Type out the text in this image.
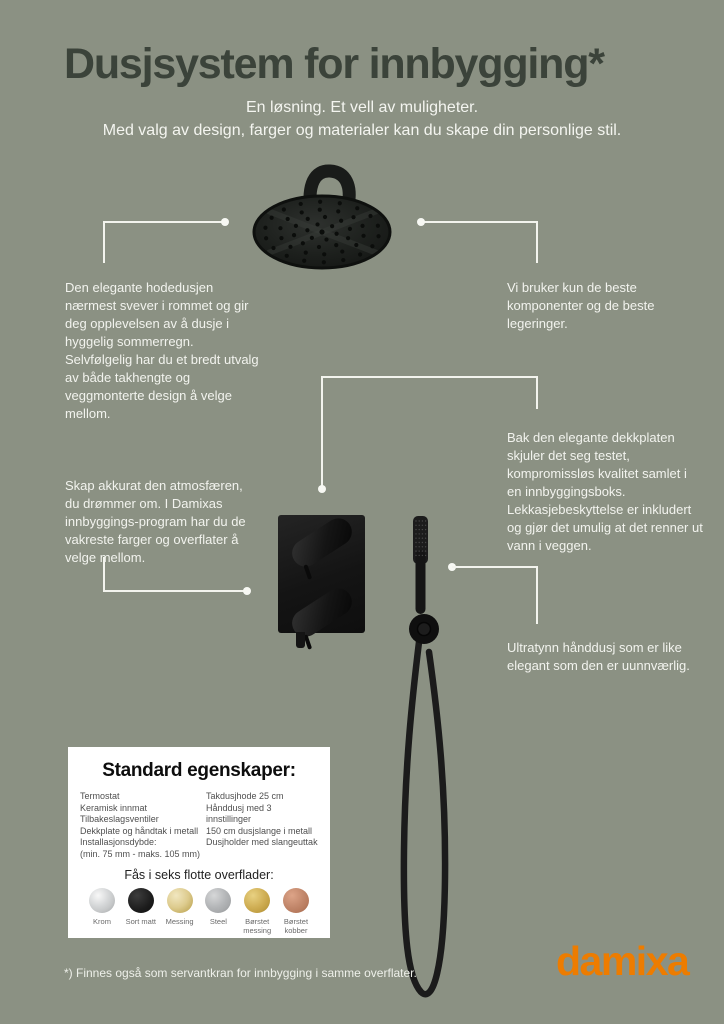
Dusjsystem for innbygging*
En løsning. Et vell av muligheter.
Med valg av design, farger og materialer kan du skape din personlige stil.
Den elegante hodedusjen nærmest svever i rommet og gir deg opplevelsen av å dusje i hyggelig sommerregn. Selvfølgelig har du et bredt utvalg av både takhengte og veggmonterte design å velge mellom.
Vi bruker kun de beste komponenter og de beste legeringer.
Bak den elegante dekkplaten skjuler det seg testet, kompromissløs kvalitet samlet i en innbyggingsboks. Lekkasjebeskyttelse er inkludert og gjør det umulig at det renner ut vann i veggen.
Skap akkurat den atmosfæren, du drømmer om. I Damixas innbyggings-program har du de vakreste farger og overflater å velge mellom.
Ultratynn hånddusj som er like elegant som den er uunnværlig.
Standard egenskaper:
Termostat
Keramisk innmat
Tilbakeslagsventiler
Dekkplate og håndtak i metall
Installasjonsdybde:
(min. 75 mm - maks. 105 mm)
Takdusjhode 25 cm
Hånddusj med 3 innstillinger
150 cm dusjslange i metall
Dusjholder med slangeuttak
Fås i seks flotte overflader:
Krom Sort matt Messing Steel	Børstet messing
Børstet kobber
*) Finnes også som servantkran for innbygging i samme overflater.	damixa
